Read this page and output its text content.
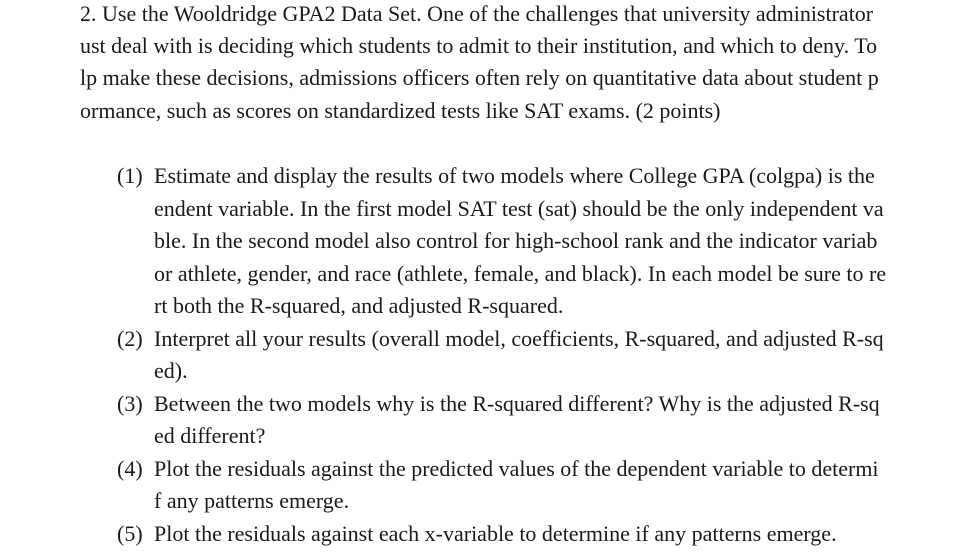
2. Use the Wooldridge GPA2 Data Set. One of the challenges that university administrator
ust deal with is deciding which students to admit to their institution, and which to deny. To
lp make these decisions, admissions officers often rely on quantitative data about student p
ormance, such as scores on standardized tests like SAT exams. (2 points)
(1) Estimate and display the results of two models where College GPA (colgpa) is the
endent variable. In the first model SAT test (sat) should be the only independent va
ble. In the second model also control for high-school rank and the indicator variab
or athlete, gender, and race (athlete, female, and black). In each model be sure to re
rt both the R-squared, and adjusted R-squared.
(2) Interpret all your results (overall model, coefficients, R-squared, and adjusted R-sq
ed).
(3) Between the two models why is the R-squared different? Why is the adjusted R-sq
ed different?
(4) Plot the residuals against the predicted values of the dependent variable to determi
f any patterns emerge.
(5) Plot the residuals against each x-variable to determine if any patterns emerge.
